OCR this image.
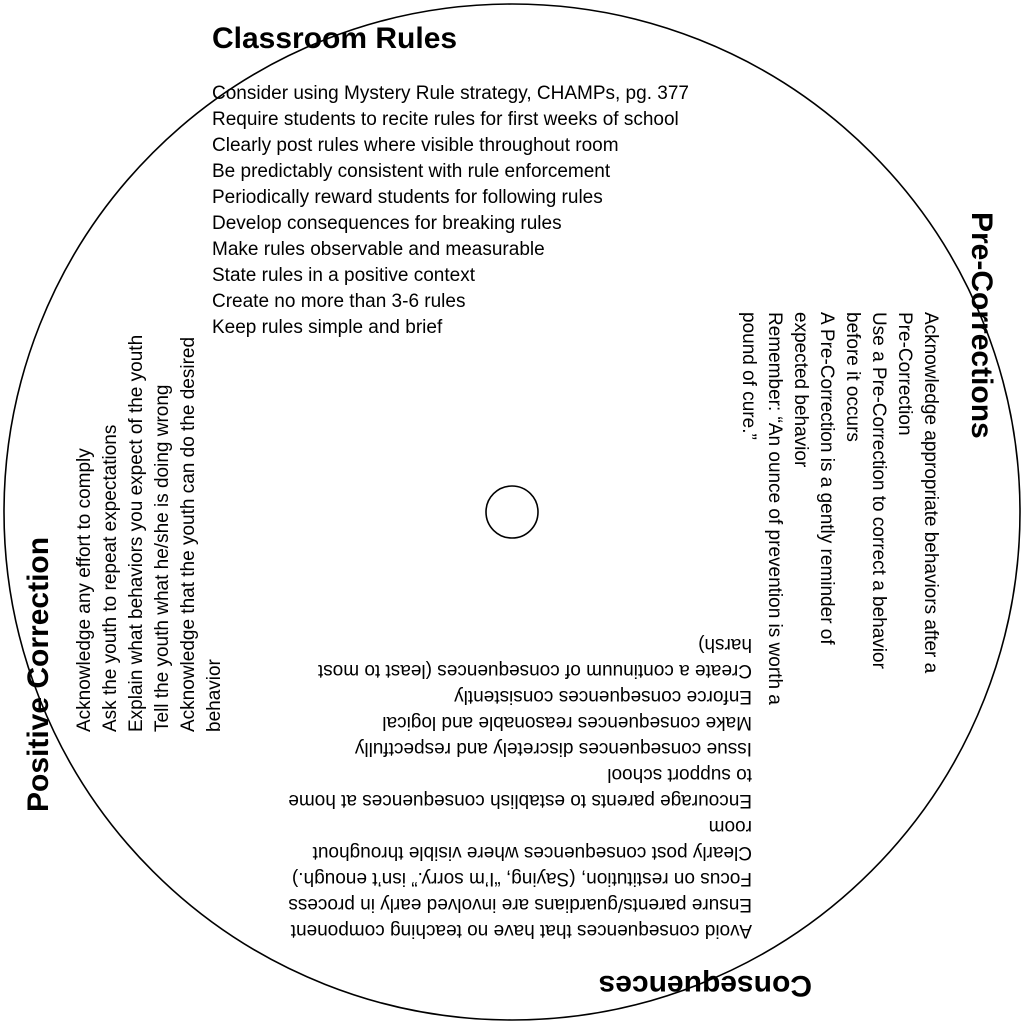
Classroom Rules
Consider using Mystery Rule strategy, CHAMPs, pg. 377
Require students to recite rules for first weeks of school
Clearly post rules where visible throughout room
Be predictably consistent with rule enforcement
Periodically reward students for following rules
Develop consequences for breaking rules
Make rules observable and measurable
State rules in a positive context
Create no more than 3-6 rules
Keep rules simple and brief	Pre-Corrections
Acknowledge appropriate behaviors after a Pre-Correction
Use a Pre-Correction to correct a behavior before it occurs
A Pre-Correction is a gently reminder of expected behavior
Remember: “An ounce of prevention is worth a pound of cure.”
Consequences
Avoid consequences that have no teaching component
Ensure parents/guardians are involved early in process
Focus on restitution, (Saying, “I’m sorry.” isn’t enough.)
Clearly post consequences where visible throughout room
Encourage parents to establish consequences at home to support school
Issue consequences discretely and respectfully
Make consequences reasonable and logical
Enforce consequences consistently
Create a continuum of consequences (least to most harsh)
Positive Correction Acknowledge any effort to comply Ask the youth to repeat expectations Explain what behaviors you expect of the youth Tell the youth what he/she is doing wrong Acknowledge that the youth can do the desired behavior
